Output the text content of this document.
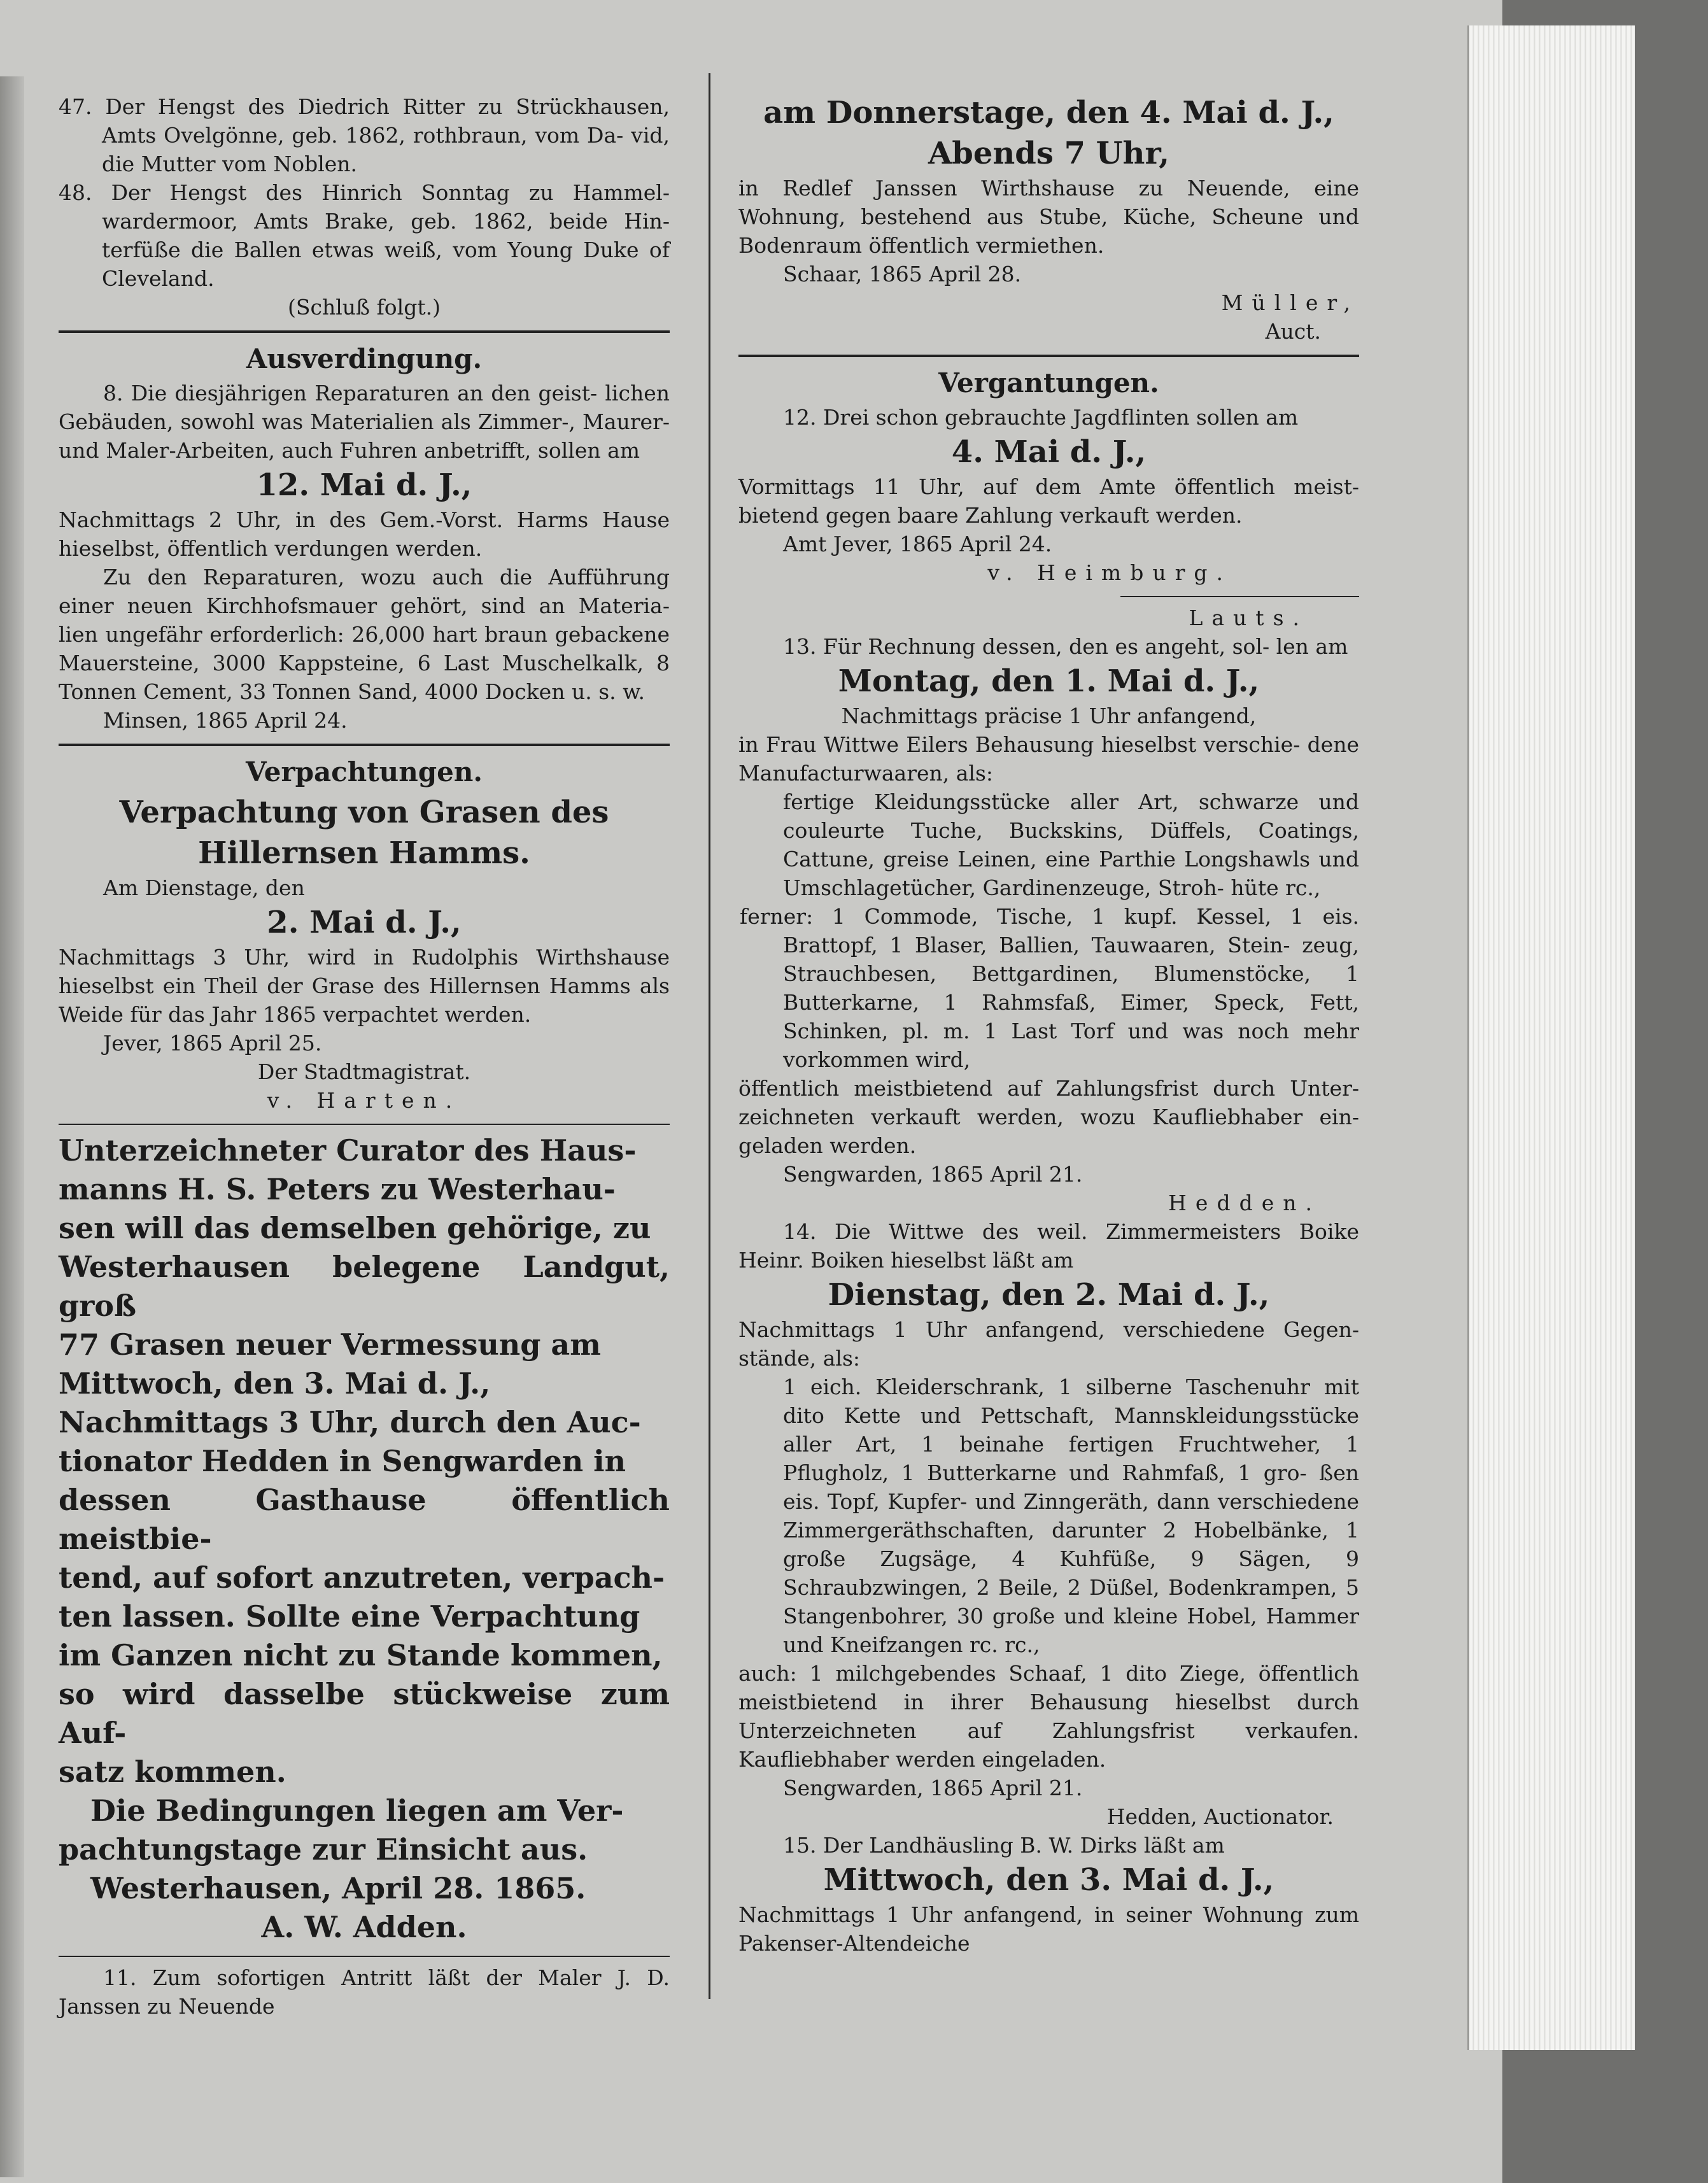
47. Der Hengst des Diedrich Ritter zu Strückhausen, Amts Ovelgönne, geb. 1862, rothbraun, vom Da- vid, die Mutter vom Noblen.

48. Der Hengst des Hinrich Sonntag zu Hammel- wardermoor, Amts Brake, geb. 1862, beide Hin- terfüße die Ballen etwas weiß, vom Young Duke of Cleveland.

(Schluß folgt.)

Ausverdingung.

8. Die diesjährigen Reparaturen an den geist- lichen Gebäuden, sowohl was Materialien als Zimmer-, Maurer- und Maler-Arbeiten, auch Fuhren anbetrifft, sollen am

12. Mai d. J.,

Nachmittags 2 Uhr, in des Gem.-Vorst. Harms Hause hieselbst, öffentlich verdungen werden.

Zu den Reparaturen, wozu auch die Aufführung einer neuen Kirchhofsmauer gehört, sind an Materia- lien ungefähr erforderlich: 26,000 hart braun gebackene Mauersteine, 3000 Kappsteine, 6 Last Muschelkalk, 8 Tonnen Cement, 33 Tonnen Sand, 4000 Docken u. s. w.

Minsen, 1865 April 24.

Verpachtungen.

Verpachtung von Grasen des

Hillernsen Hamms.

Am Dienstage, den

2. Mai d. J.,

Nachmittags 3 Uhr, wird in Rudolphis Wirthshause hieselbst ein Theil der Grase des Hillernsen Hamms als Weide für das Jahr 1865 verpachtet werden.

Jever, 1865 April 25.

Der Stadtmagistrat.

v. Harten.

Unterzeichneter Curator des Haus-
manns H. S. Peters zu Westerhau-
sen will das demselben gehörige, zu
Westerhausen belegene Landgut, groß
77 Grasen neuer Vermessung am
Mittwoch, den 3. Mai d. J.,
Nachmittags 3 Uhr, durch den Auc-
tionator Hedden in Sengwarden in
dessen Gasthause öffentlich meistbie-
tend, auf sofort anzutreten, verpach-
ten lassen. Sollte eine Verpachtung
im Ganzen nicht zu Stande kommen,
so wird dasselbe stückweise zum Auf-
satz kommen.
Die Bedingungen liegen am Ver-
pachtungstage zur Einsicht aus.
Westerhausen, April 28. 1865.
A. W. Adden.

11. Zum sofortigen Antritt läßt der Maler J. D. Janssen zu Neuende

am Donnerstage, den 4. Mai d. J.,

Abends 7 Uhr,

in Redlef Janssen Wirthshause zu Neuende, eine Wohnung, bestehend aus Stube, Küche, Scheune und Bodenraum öffentlich vermiethen.

Schaar, 1865 April 28.

Müller,

Auct.

Vergantungen.

12. Drei schon gebrauchte Jagdflinten sollen am

4. Mai d. J.,

Vormittags 11 Uhr, auf dem Amte öffentlich meist- bietend gegen baare Zahlung verkauft werden.

Amt Jever, 1865 April 24.

v. Heimburg.

Lauts.

13. Für Rechnung dessen, den es angeht, sol- len am

Montag, den 1. Mai d. J.,

Nachmittags präcise 1 Uhr anfangend,

in Frau Wittwe Eilers Behausung hieselbst verschie- dene Manufacturwaaren, als:

fertige Kleidungsstücke aller Art, schwarze und couleurte Tuche, Buckskins, Düffels, Coatings, Cattune, greise Leinen, eine Parthie Longshawls und Umschlagetücher, Gardinenzeuge, Stroh- hüte rc.,

ferner: 1 Commode, Tische, 1 kupf. Kessel, 1 eis. Brattopf, 1 Blaser, Ballien, Tauwaaren, Stein- zeug, Strauchbesen, Bettgardinen, Blumenstöcke, 1 Butterkarne, 1 Rahmsfaß, Eimer, Speck, Fett, Schinken, pl. m. 1 Last Torf und was noch mehr vorkommen wird,

öffentlich meistbietend auf Zahlungsfrist durch Unter- zeichneten verkauft werden, wozu Kaufliebhaber ein- geladen werden.

Sengwarden, 1865 April 21.

Hedden.

14. Die Wittwe des weil. Zimmermeisters Boike Heinr. Boiken hieselbst läßt am

Dienstag, den 2. Mai d. J.,

Nachmittags 1 Uhr anfangend, verschiedene Gegen- stände, als:

1 eich. Kleiderschrank, 1 silberne Taschenuhr mit dito Kette und Pettschaft, Mannskleidungsstücke aller Art, 1 beinahe fertigen Fruchtweher, 1 Pflugholz, 1 Butterkarne und Rahmfaß, 1 gro- ßen eis. Topf, Kupfer- und Zinngeräth, dann verschiedene Zimmergeräthschaften, darunter 2 Hobelbänke, 1 große Zugsäge, 4 Kuhfüße, 9 Sägen, 9 Schraubzwingen, 2 Beile, 2 Düßel, Bodenkrampen, 5 Stangenbohrer, 30 große und kleine Hobel, Hammer und Kneifzangen rc. rc.,

auch: 1 milchgebendes Schaaf, 1 dito Ziege, öffentlich meistbietend in ihrer Behausung hieselbst durch Unterzeichneten auf Zahlungsfrist verkaufen. Kaufliebhaber werden eingeladen.

Sengwarden, 1865 April 21.

Hedden, Auctionator.

15. Der Landhäusling B. W. Dirks läßt am

Mittwoch, den 3. Mai d. J.,

Nachmittags 1 Uhr anfangend, in seiner Wohnung zum Pakenser-Altendeiche
